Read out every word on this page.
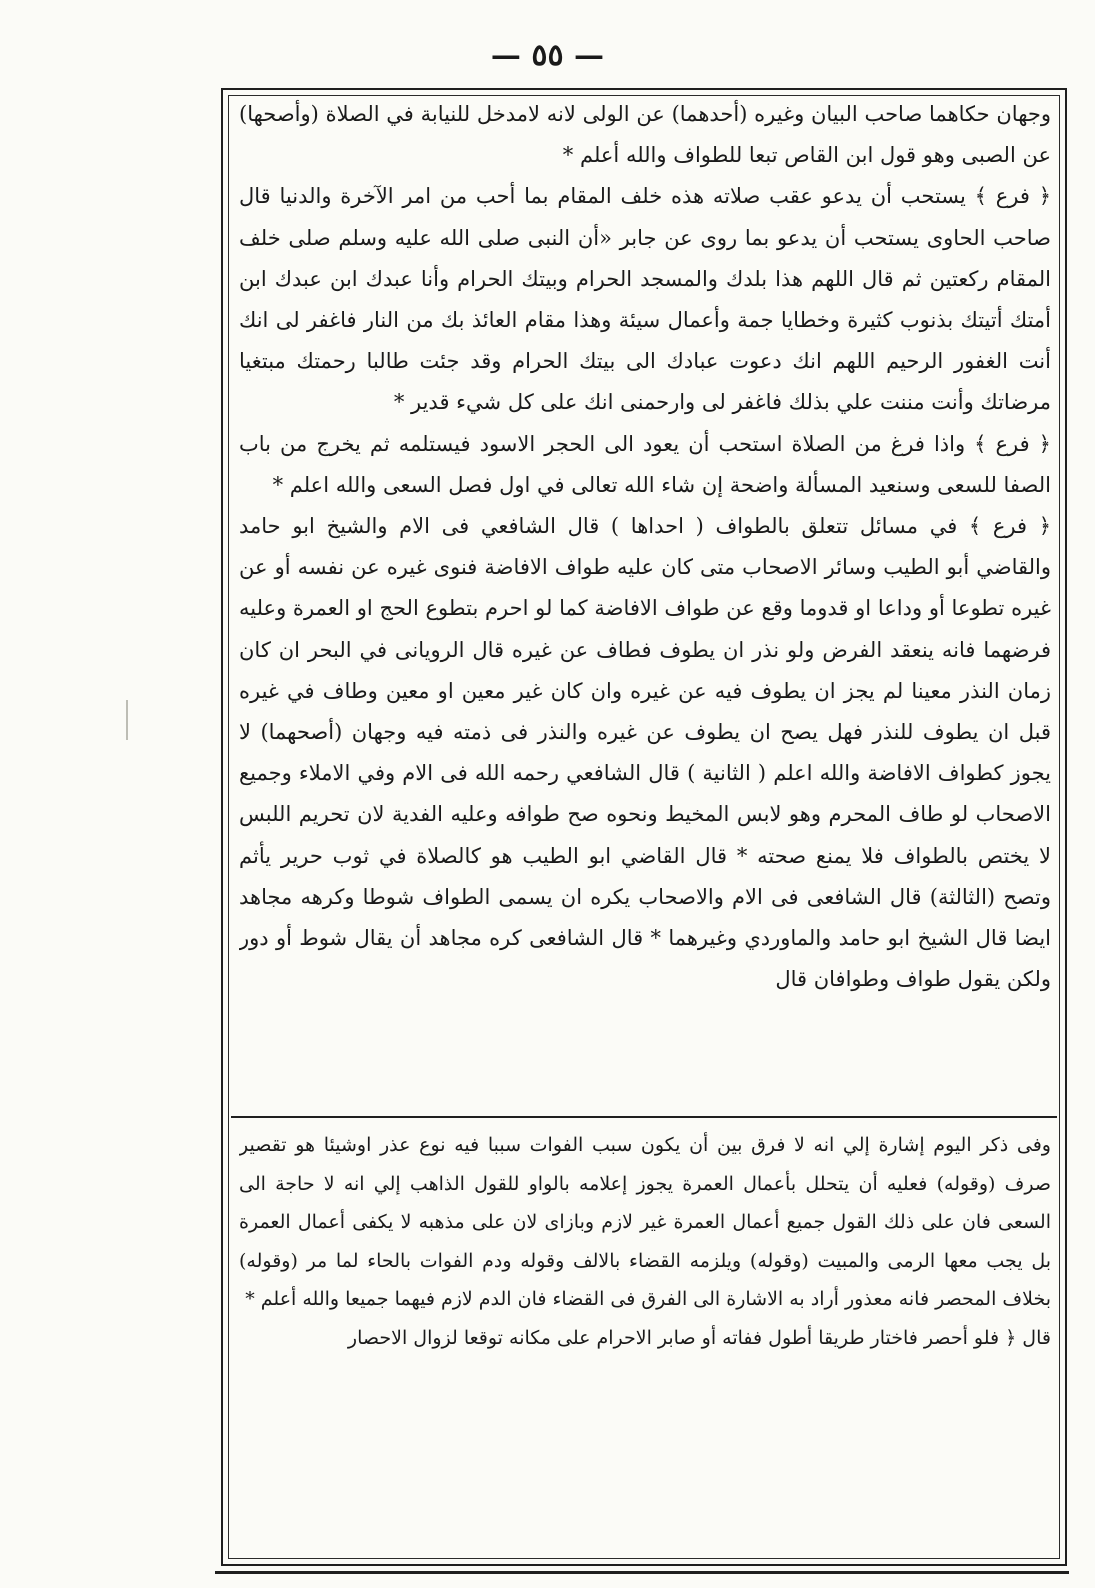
— ٥٥ —

وجهان حكاهما صاحب البيان وغيره (أحدهما) عن الولى لانه لامدخل للنيابة في الصلاة (وأصحها) عن الصبى وهو قول ابن القاص تبعا للطواف والله أعلم *

﴿ فرع ﴾ يستحب أن يدعو عقب صلاته هذه خلف المقام بما أحب من امر الآخرة والدنيا قال صاحب الحاوى يستحب أن يدعو بما روى عن جابر «أن النبى صلى الله عليه وسلم صلى خلف المقام ركعتين ثم قال اللهم هذا بلدك والمسجد الحرام وبيتك الحرام وأنا عبدك ابن عبدك ابن أمتك أتيتك بذنوب كثيرة وخطايا جمة وأعمال سيئة وهذا مقام العائذ بك من النار فاغفر لى انك أنت الغفور الرحيم اللهم انك دعوت عبادك الى بيتك الحرام وقد جئت طالبا رحمتك مبتغيا مرضاتك وأنت مننت علي بذلك فاغفر لى وارحمنى انك على كل شيء قدير *

﴿ فرع ﴾ واذا فرغ من الصلاة استحب أن يعود الى الحجر الاسود فيستلمه ثم يخرج من باب الصفا للسعى وسنعيد المسألة واضحة إن شاء الله تعالى في اول فصل السعى والله اعلم *

﴿ فرع ﴾ في مسائل تتعلق بالطواف ( احداها ) قال الشافعي فى الام والشيخ ابو حامد والقاضي أبو الطيب وسائر الاصحاب متى كان عليه طواف الافاضة فنوى غيره عن نفسه أو عن غيره تطوعا أو وداعا او قدوما وقع عن طواف الافاضة كما لو احرم بتطوع الحج او العمرة وعليه فرضهما فانه ينعقد الفرض ولو نذر ان يطوف فطاف عن غيره قال الرويانى في البحر ان كان زمان النذر معينا لم يجز ان يطوف فيه عن غيره وان كان غير معين او معين وطاف في غيره قبل ان يطوف للنذر فهل يصح ان يطوف عن غيره والنذر فى ذمته فيه وجهان (أصحهما) لا يجوز كطواف الافاضة والله اعلم ( الثانية ) قال الشافعي رحمه الله فى الام وفي الاملاء وجميع الاصحاب لو طاف المحرم وهو لابس المخيط ونحوه صح طوافه وعليه الفدية لان تحريم اللبس لا يختص بالطواف فلا يمنع صحته * قال القاضي ابو الطيب هو كالصلاة في ثوب حرير يأثم وتصح (الثالثة) قال الشافعى فى الام والاصحاب يكره ان يسمى الطواف شوطا وكرهه مجاهد ايضا قال الشيخ ابو حامد والماوردي وغيرهما * قال الشافعى كره مجاهد أن يقال شوط أو دور ولكن يقول طواف وطوافان قال

وفى ذكر اليوم إشارة إلي انه لا فرق بين أن يكون سبب الفوات سببا فيه نوع عذر اوشيئا هو تقصير صرف (وقوله) فعليه أن يتحلل بأعمال العمرة يجوز إعلامه بالواو للقول الذاهب إلي انه لا حاجة الى السعى فان على ذلك القول جميع أعمال العمرة غير لازم وبازاى لان على مذهبه لا يكفى أعمال العمرة بل يجب معها الرمى والمبيت (وقوله) ويلزمه القضاء بالالف وقوله ودم الفوات بالحاء لما مر (وقوله) بخلاف المحصر فانه معذور أراد به الاشارة الى الفرق فى القضاء فان الدم لازم فيهما جميعا والله أعلم *

قال ﴿ فلو أحصر فاختار طريقا أطول ففاته أو صابر الاحرام على مكانه توقعا لزوال الاحصار
